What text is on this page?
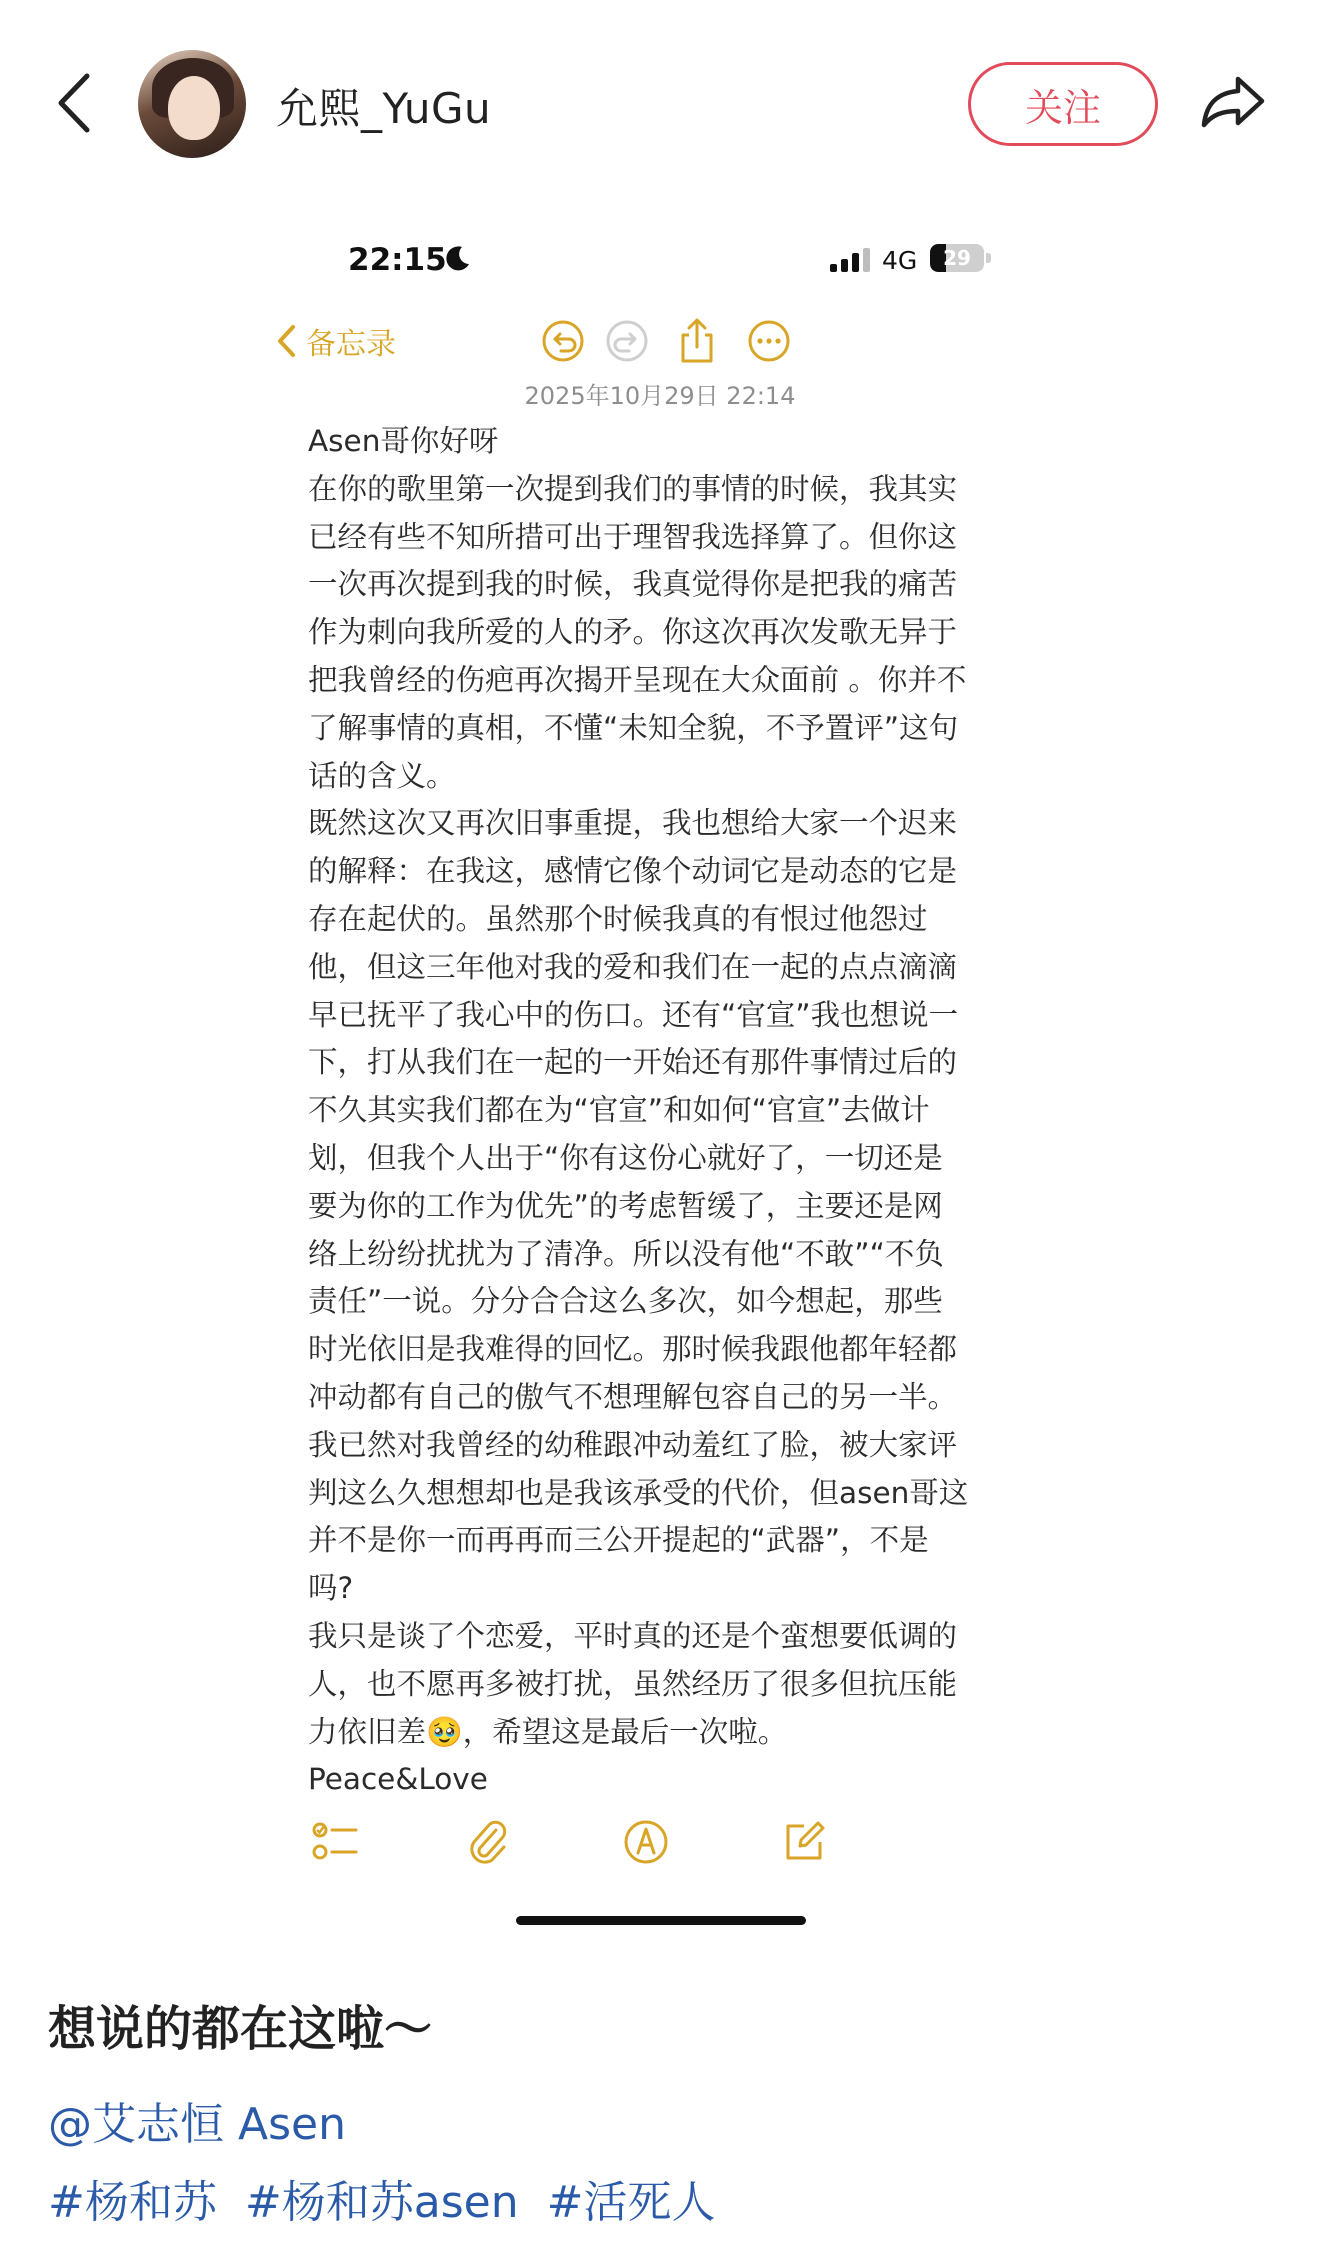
允熙_YuGu	关注
22:15	4G	29
备忘录
2025年10月29日 22:14

Asen哥你好呀

在你的歌里第一次提到我们的事情的时候，我其实

已经有些不知所措可出于理智我选择算了。但你这

一次再次提到我的时候，我真觉得你是把我的痛苦

作为刺向我所爱的人的矛。你这次再次发歌无异于

把我曾经的伤疤再次揭开呈现在大众面前 。你并不

了解事情的真相，不懂“未知全貌，不予置评”这句

话的含义。

既然这次又再次旧事重提，我也想给大家一个迟来

的解释：在我这，感情它像个动词它是动态的它是

存在起伏的。虽然那个时候我真的有恨过他怨过

他，但这三年他对我的爱和我们在一起的点点滴滴

早已抚平了我心中的伤口。还有“官宣”我也想说一

下，打从我们在一起的一开始还有那件事情过后的

不久其实我们都在为“官宣”和如何“官宣”去做计

划，但我个人出于“你有这份心就好了，一切还是

要为你的工作为优先”的考虑暂缓了，主要还是网

络上纷纷扰扰为了清净。所以没有他“不敢”“不负

责任”一说。分分合合这么多次，如今想起，那些

时光依旧是我难得的回忆。那时候我跟他都年轻都

冲动都有自己的傲气不想理解包容自己的另一半。

我已然对我曾经的幼稚跟冲动羞红了脸，被大家评

判这么久想想却也是我该承受的代价，但asen哥这

并不是你一而再再而三公开提起的“武器”，不是

吗?

我只是谈了个恋爱，平时真的还是个蛮想要低调的

人，也不愿再多被打扰，虽然经历了很多但抗压能

力依旧差🥹，希望这是最后一次啦。

Peace&Love

想说的都在这啦～
@艾志恒 Asen
#杨和苏 #杨和苏asen #活死人
